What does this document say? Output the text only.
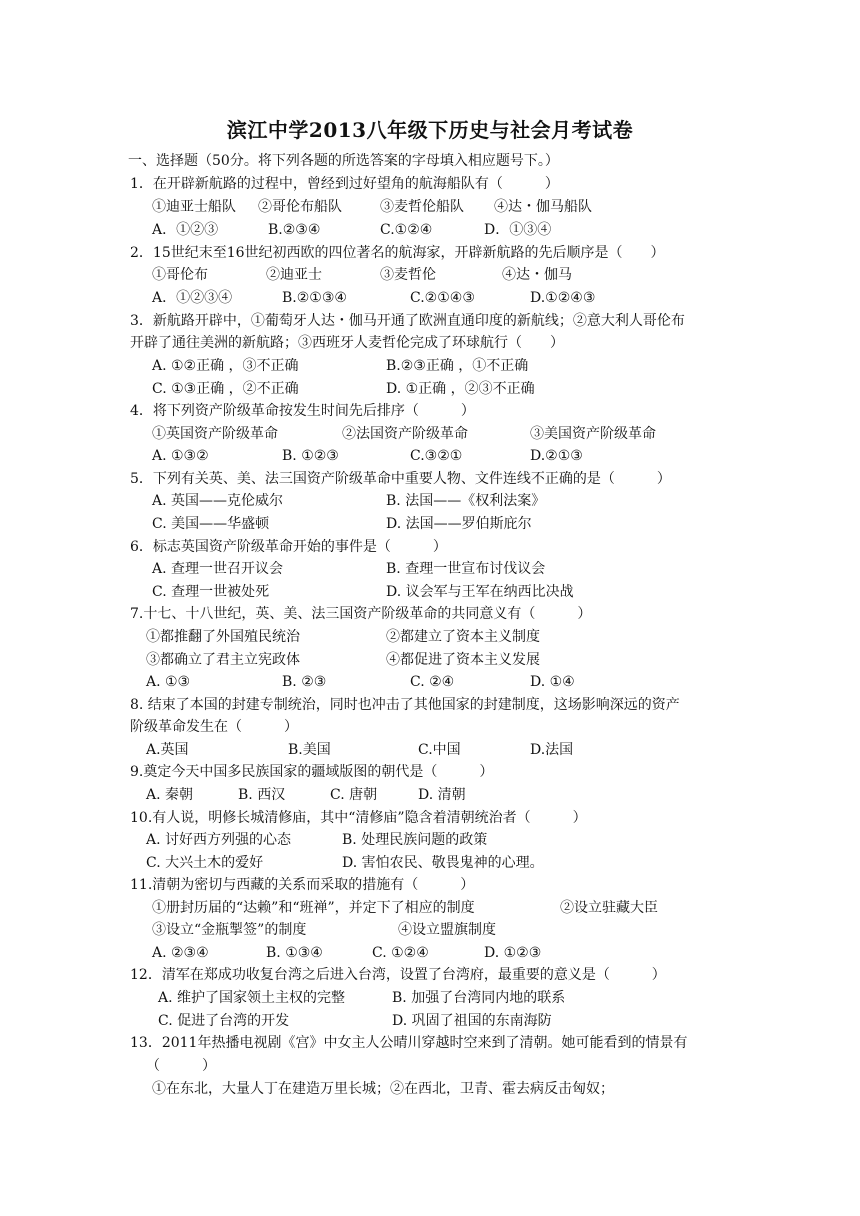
滨江中学2013八年级下历史与社会月考试卷
一、选择题（50分。将下列各题的所选答案的字母填入相应题号下。）
1．在开辟新航路的过程中，曾经到过好望角的航海船队有（　　　）
①迪亚士船队 ②哥伦布船队	③麦哲伦船队 ④达・伽马船队
A．①②③	B.②③④	C.①②④	D．①③④
2．15世纪末至16世纪初西欧的四位著名的航海家，开辟新航路的先后顺序是（　　）
①哥伦布	②迪亚士	③麦哲伦	④达・伽马
A．①②③④	B.②①③④	C.②①④③	D.①②④③
3．新航路开辟中，①葡萄牙人达・伽马开通了欧洲直通印度的新航线；②意大利人哥伦布
开辟了通往美洲的新航路；③西班牙人麦哲伦完成了环球航行（　　）
A. ①②正确 ，③不正确	B.②③正确 ，①不正确
C. ①③正确 ，②不正确	D. ①正确 ，②③不正确
4．将下列资产阶级革命按发生时间先后排序（　　　）
①英国资产阶级革命	②法国资产阶级革命	③美国资产阶级革命
A. ①③②	B. ①②③	C.③②①	D.②①③
5．下列有关英、美、法三国资产阶级革命中重要人物、文件连线不正确的是（　　　）
A. 英国——克伦威尔	B. 法国——《权利法案》
C. 美国——华盛顿	D. 法国——罗伯斯庇尔
6．标志英国资产阶级革命开始的事件是（　　　）
A. 查理一世召开议会	B. 查理一世宣布讨伐议会
C. 查理一世被处死	D. 议会军与王军在纳西比决战
7.十七、十八世纪，英、美、法三国资产阶级革命的共同意义有（　　　）
①都推翻了外国殖民统治	②都建立了资本主义制度
③都确立了君主立宪政体	④都促进了资本主义发展
A. ①③	B. ②③	C. ②④	D. ①④
8. 结束了本国的封建专制统治，同时也冲击了其他国家的封建制度，这场影响深远的资产
阶级革命发生在（　　　）
A.英国	B.美国	C.中国	D.法国
9.奠定今天中国多民族国家的疆域版图的朝代是（　　　）
A. 秦朝	B. 西汉	C. 唐朝	D. 清朝
10.有人说，明修长城清修庙，其中“清修庙”隐含着清朝统治者（　　　）
A. 讨好西方列强的心态	B. 处理民族问题的政策
C. 大兴土木的爱好	D. 害怕农民、敬畏鬼神的心理。
11.清朝为密切与西藏的关系而采取的措施有（　　　）
①册封历届的“达赖”和“班禅”，并定下了相应的制度	②设立驻藏大臣
③设立“金瓶掣签”的制度	④设立盟旗制度
A. ②③④	B. ①③④	C. ①②④	D. ①②③
12．清军在郑成功收复台湾之后进入台湾，设置了台湾府，最重要的意义是（　　　）
A. 维护了国家领土主权的完整	B. 加强了台湾同内地的联系
C. 促进了台湾的开发	D. 巩固了祖国的东南海防
13．2011年热播电视剧《宫》中女主人公晴川穿越时空来到了清朝。她可能看到的情景有
（　　　）
①在东北，大量人丁在建造万里长城；②在西北，卫青、霍去病反击匈奴；
